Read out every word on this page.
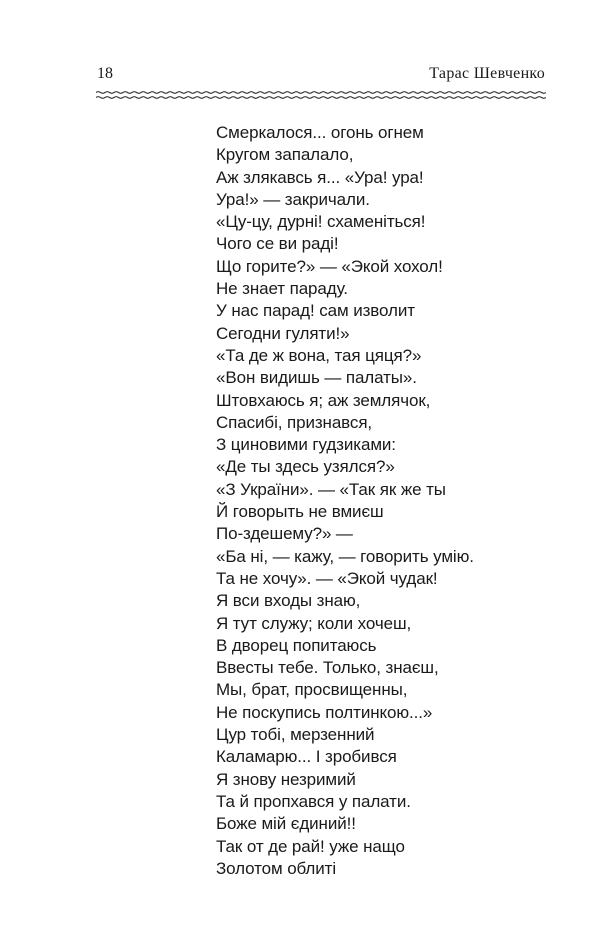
18	Тарас Шевченко
Смеркалося... огонь огнем
Кругом запалало,
Аж злякавсь я... «Ура! ура!
Ура!» — закричали.
«Цу-цу, дурні! схаменіться!
Чого се ви раді!
Що горите?» — «Экой хохол!
Не знает параду.
У нас парад! сам изволит
Сегодни гуляти!»
«Та де ж вона, тая цяця?»
«Вон видишь — палаты».
Штовхаюсь я; аж землячок,
Спасибі, признався,
З циновими гудзиками:
«Де ты здесь узялся?»
«З України». — «Так як же ты
Й говорыть не вмиєш
По-здешему?» —
«Ба ні, — кажу, — говорить умію.
Та не хочу». — «Экой чудак!
Я вси входы знаю,
Я тут служу; коли хочеш,
В дворец попитаюсь
Ввесты тебе. Только, знаєш,
Мы, брат, просвищенны,
Не поскупись полтинкою...»
Цур тобі, мерзенний
Каламарю... І зробився
Я знову незримий
Та й пропхався у палати.
Боже мій єдиний!!
Так от де рай! уже нащо
Золотом облиті
